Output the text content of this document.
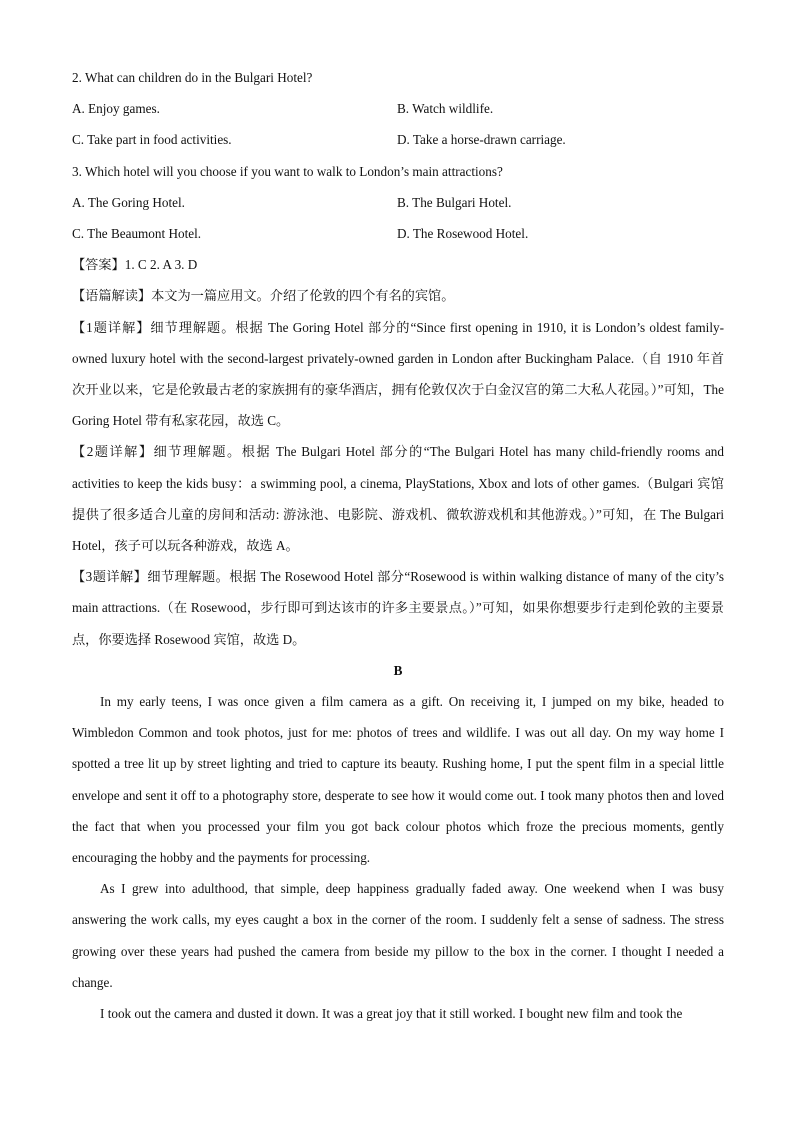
2. What can children do in the Bulgari Hotel?

A. Enjoy games.	B. Watch wildlife.
C. Take part in food activities.	D. Take a horse-drawn carriage.

3. Which hotel will you choose if you want to walk to London’s main attractions?

A. The Goring Hotel.	B. The Bulgari Hotel.
C. The Beaumont Hotel.	D. The Rosewood Hotel.

【答案】1. C 2. A 3. D

【语篇解读】本文为一篇应用文。介绍了伦敦的四个有名的宾馆。

【1题详解】细节理解题。根据 The Goring Hotel 部分的“Since first opening in 1910, it is London’s oldest family-owned luxury hotel with the second-largest privately-owned garden in London after Buckingham Palace.（自 1910 年首次开业以来，它是伦敦最古老的家族拥有的豪华酒店，拥有伦敦仅次于白金汉宫的第二大私人花园。）”可知，The Goring Hotel 带有私家花园，故选 C。

【2题详解】细节理解题。根据 The Bulgari Hotel 部分的“The Bulgari Hotel has many child-friendly rooms and activities to keep the kids busy：a swimming pool, a cinema, PlayStations, Xbox and lots of other games.（Bulgari 宾馆提供了很多适合儿童的房间和活动: 游泳池、电影院、游戏机、微软游戏机和其他游戏。）”可知，在 The Bulgari Hotel，孩子可以玩各种游戏，故选 A。

【3题详解】细节理解题。根据 The Rosewood Hotel 部分“Rosewood is within walking distance of many of the city’s main attractions.（在 Rosewood，步行即可到达该市的许多主要景点。）”可知，如果你想要步行走到伦敦的主要景点，你要选择 Rosewood 宾馆，故选 D。

B

In my early teens, I was once given a film camera as a gift. On receiving it, I jumped on my bike, headed to Wimbledon Common and took photos, just for me: photos of trees and wildlife. I was out all day. On my way home I spotted a tree lit up by street lighting and tried to capture its beauty. Rushing home, I put the spent film in a special little envelope and sent it off to a photography store, desperate to see how it would come out. I took many photos then and loved the fact that when you processed your film you got back colour photos which froze the precious moments, gently encouraging the hobby and the payments for processing.

As I grew into adulthood, that simple, deep happiness gradually faded away. One weekend when I was busy answering the work calls, my eyes caught a box in the corner of the room. I suddenly felt a sense of sadness. The stress growing over these years had pushed the camera from beside my pillow to the box in the corner. I thought I needed a change.

I took out the camera and dusted it down. It was a great joy that it still worked. I bought new film and took the
